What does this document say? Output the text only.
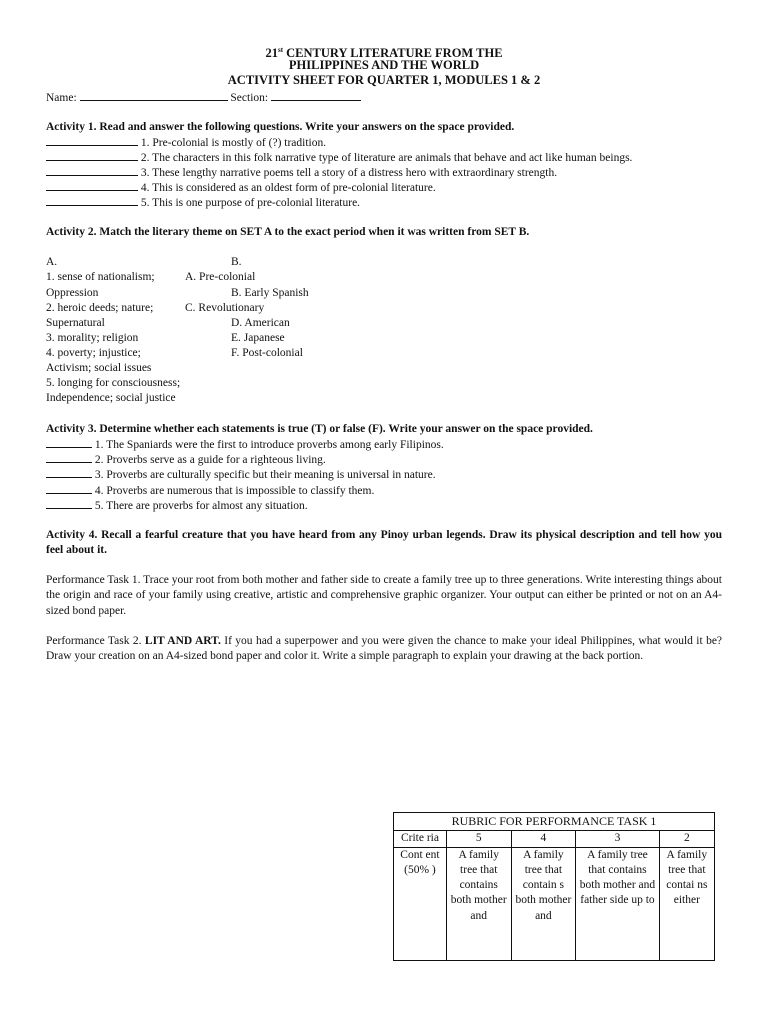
21st CENTURY LITERATURE FROM THE
PHILIPPINES AND THE WORLD
ACTIVITY SHEET FOR QUARTER 1, MODULES 1 & 2
Name:	Section:
Activity 1. Read and answer the following questions. Write your answers on the space provided.
1. Pre-colonial is mostly of (?) tradition.
2. The characters in this folk narrative type of literature are animals that behave and act like human beings.
3. These lengthy narrative poems tell a story of a distress hero with extraordinary strength.
4. This is considered as an oldest form of pre-colonial literature.
5. This is one purpose of pre-colonial literature.
Activity 2. Match the literary theme on SET A to the exact period when it was written from SET B.
A.	B.
1. sense of nationalism;	A. Pre-colonial
Oppression	B. Early Spanish
2. heroic deeds; nature;	C. Revolutionary
Supernatural	D. American
3. morality; religion	E. Japanese
4. poverty; injustice;	F. Post-colonial
Activism; social issues
5. longing for consciousness;
Independence; social justice
Activity 3. Determine whether each statements is true (T) or false (F). Write your answer on the space provided.
1. The Spaniards were the first to introduce proverbs among early Filipinos.
2. Proverbs serve as a guide for a righteous living.
3. Proverbs are culturally specific but their meaning is universal in nature.
4. Proverbs are numerous that is impossible to classify them.
5. There are proverbs for almost any situation.
Activity 4. Recall a fearful creature that you have heard from any Pinoy urban legends. Draw its physical description and tell how you feel about it.
Performance Task 1. Trace your root from both mother and father side to create a family tree up to three generations. Write interesting things about the origin and race of your family using creative, artistic and comprehensive graphic organizer. Your output can either be printed or not on an A4-sized bond paper.
Performance Task 2. LIT AND ART. If you had a superpower and you were given the chance to make your ideal Philippines, what would it be? Draw your creation on an A4-sized bond paper and color it. Write a simple paragraph to explain your drawing at the back portion.
RUBRIC FOR PERFORMANCE TASK 1				
Crite ria	5	4	3	2
Cont ent (50% )	A family tree that contains both mother and	A family tree that contain s both mother and	A family tree that contains both mother and father side up to	A family tree that contai ns either
